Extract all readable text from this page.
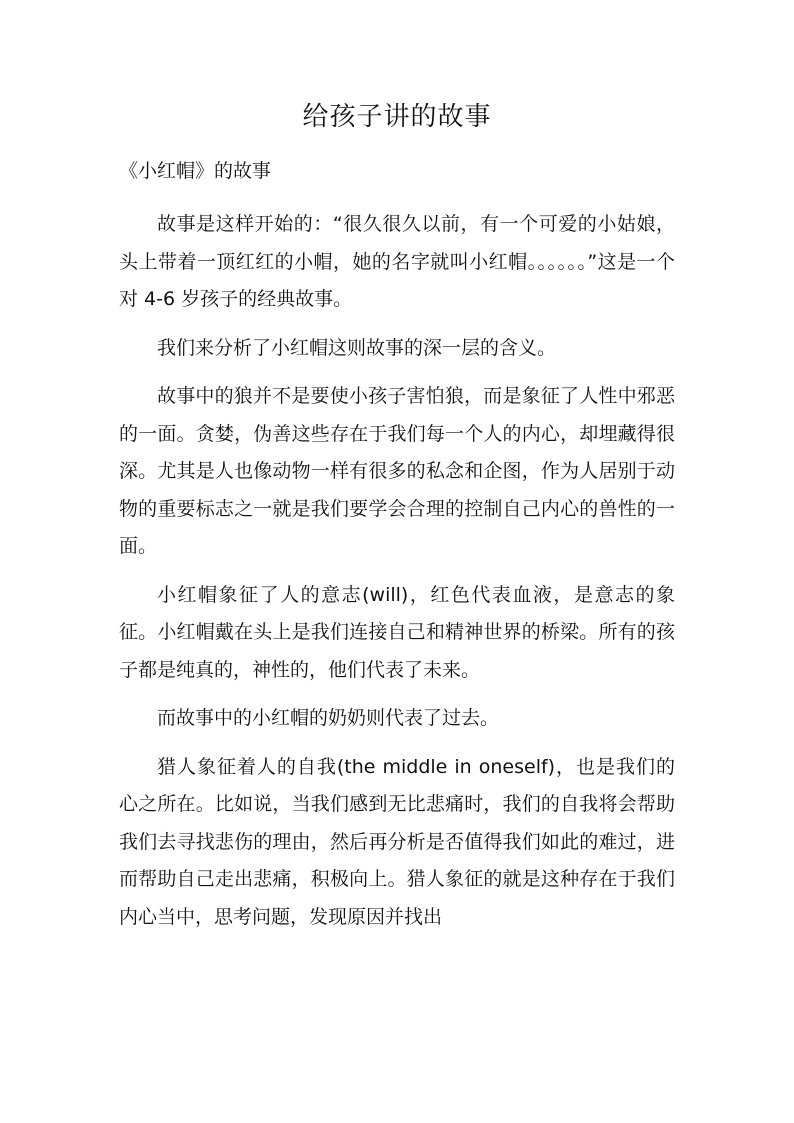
给孩子讲的故事
《小红帽》的故事

故事是这样开始的：“很久很久以前，有一个可爱的小姑娘，头上带着一顶红红的小帽，她的名字就叫小红帽。。。。。。”这是一个对 4-6 岁孩子的经典故事。

我们来分析了小红帽这则故事的深一层的含义。

故事中的狼并不是要使小孩子害怕狼，而是象征了人性中邪恶的一面。贪婪，伪善这些存在于我们每一个人的内心，却埋藏得很深。尤其是人也像动物一样有很多的私念和企图，作为人居别于动物的重要标志之一就是我们要学会合理的控制自己内心的兽性的一面。

小红帽象征了人的意志(will)，红色代表血液，是意志的象征。小红帽戴在头上是我们连接自己和精神世界的桥梁。所有的孩子都是纯真的，神性的，他们代表了未来。

而故事中的小红帽的奶奶则代表了过去。

猎人象征着人的自我(the middle in oneself)，也是我们的心之所在。比如说，当我们感到无比悲痛时，我们的自我将会帮助我们去寻找悲伤的理由，然后再分析是否值得我们如此的难过，进而帮助自己走出悲痛，积极向上。猎人象征的就是这种存在于我们内心当中，思考问题，发现原因并找出
